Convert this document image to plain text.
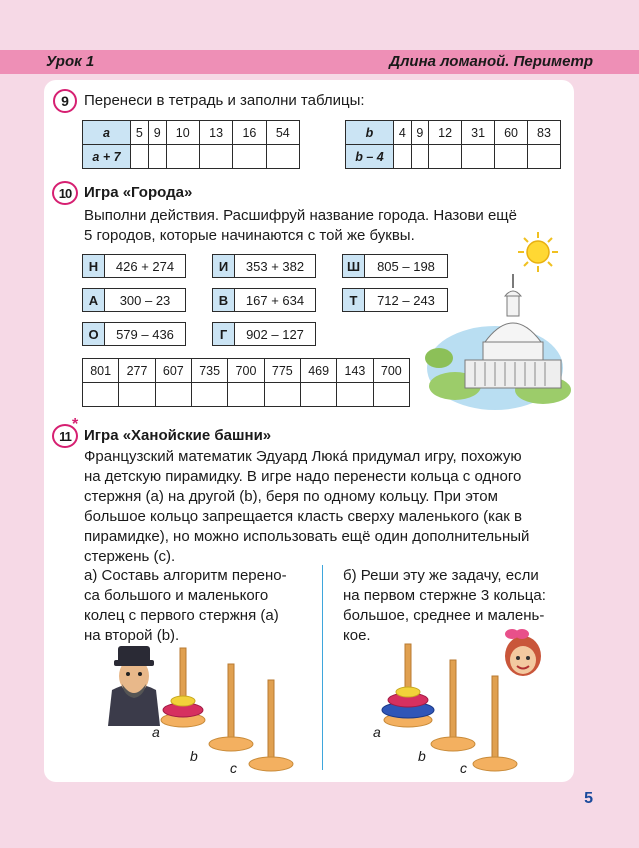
Урок 1	Длина ломаной. Периметр
9	Перенеси в тетрадь и заполни таблицы:
a	5	9	10	13	16	54
a + 7						
b	4	9	12	31	60	83
b – 4						
10 Игра «Города»
Выполни действия. Расшифруй название города. Назови ещё
5 городов, которые начинаются с той же буквы.
Н	426 + 274	И	353 + 382	Ш	805 – 198
А	300 – 23	В	167 + 634	Т	712 – 243
О	579 – 436	Г	902 – 127
801	277	607	735	700	775	469	143	700

11
*
Игра «Ханойские башни»
Французский математик Эдуард Люка́ придумал игру, похожую
на детскую пирамидку. В игре надо перенести кольца с одного
стержня (a) на другой (b), беря по одному кольцу. При этом
большое кольцо запрещается класть сверху маленького (как в
пирамидке), но можно использовать ещё один дополнительный
стержень (c).
а) Составь алгоритм перено-
са большого и маленького
колец с первого стержня (a)
на второй (b).
б) Реши эту же задачу, если
на первом стержне 3 кольца:
большое, среднее и малень-
кое.
a
b
c
a
b
c
5
